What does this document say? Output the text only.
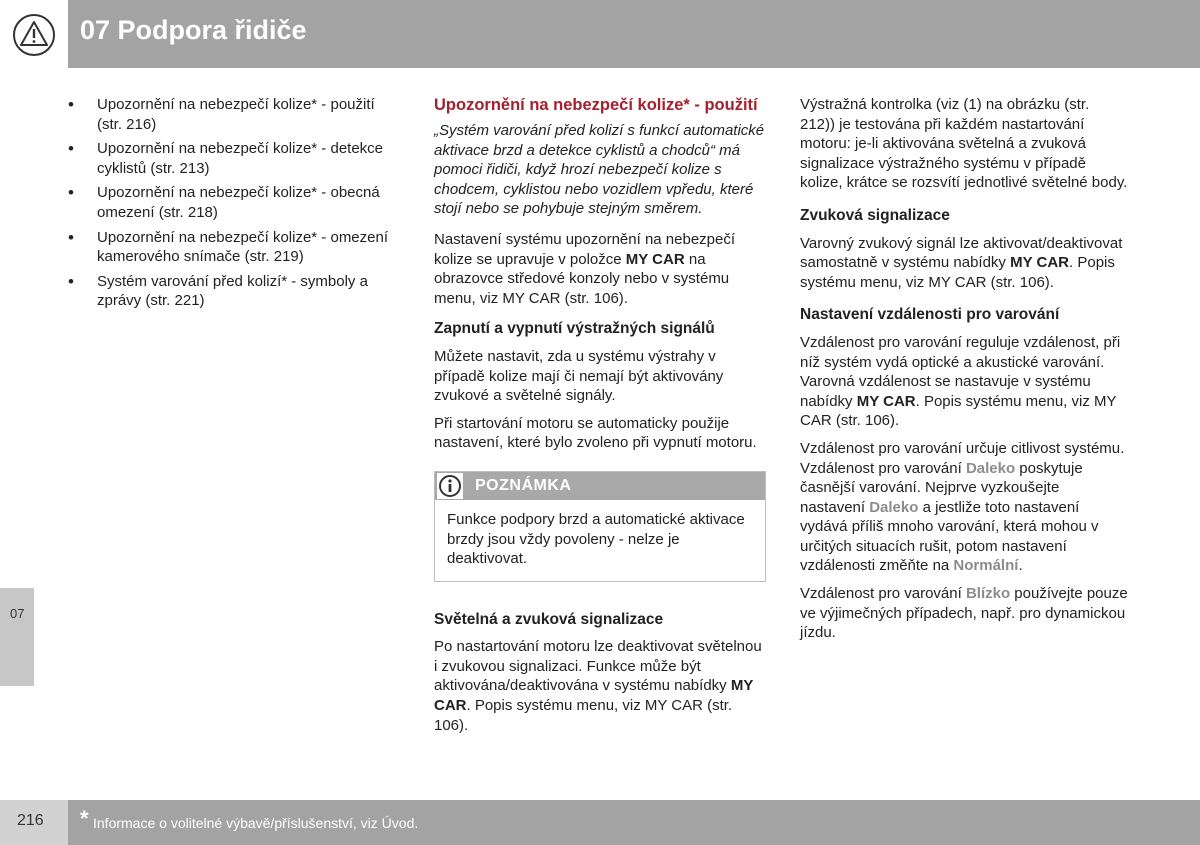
07 Podpora řidiče
07
• Upozornění na nebezpečí kolize* - použití (str. 216)
• Upozornění na nebezpečí kolize* - detekce cyklistů (str. 213)
• Upozornění na nebezpečí kolize* - obecná omezení (str. 218)
• Upozornění na nebezpečí kolize* - omezení kamerového snímače (str. 219)
• Systém varování před kolizí* - symboly a zprávy (str. 221)
Upozornění na nebezpečí kolize* - použití

„Systém varování před kolizí s funkcí automatické aktivace brzd a detekce cyklistů a chodců“ má pomoci řidiči, když hrozí nebezpečí kolize s chodcem, cyklistou nebo vozidlem vpředu, které stojí nebo se pohybuje stejným směrem.

Nastavení systému upozornění na nebezpečí kolize se upravuje v položce MY CAR na obrazovce středové konzoly nebo v systému menu, viz MY CAR (str. 106).

Zapnutí a vypnutí výstražných signálů

Můžete nastavit, zda u systému výstrahy v případě kolize mají či nemají být aktivovány zvukové a světelné signály.

Při startování motoru se automaticky použije nastavení, které bylo zvoleno při vypnutí motoru.

POZNÁMKA
Funkce podpory brzd a automatické aktivace brzdy jsou vždy povoleny - nelze je deaktivovat.

Světelná a zvuková signalizace

Po nastartování motoru lze deaktivovat světelnou i zvukovou signalizaci. Funkce může být aktivována/deaktivována v systému nabídky MY CAR. Popis systému menu, viz MY CAR (str. 106).

Výstražná kontrolka (viz (1) na obrázku (str. 212)) je testována při každém nastartování motoru: je-li aktivována světelná a zvuková signalizace výstražného systému v případě kolize, krátce se rozsvítí jednotlivé světelné body.

Zvuková signalizace

Varovný zvukový signál lze aktivovat/deaktivovat samostatně v systému nabídky MY CAR. Popis systému menu, viz MY CAR (str. 106).

Nastavení vzdálenosti pro varování

Vzdálenost pro varování reguluje vzdálenost, při níž systém vydá optické a akustické varování. Varovná vzdálenost se nastavuje v systému nabídky MY CAR. Popis systému menu, viz MY CAR (str. 106).

Vzdálenost pro varování určuje citlivost systému. Vzdálenost pro varování Daleko poskytuje časnější varování. Nejprve vyzkoušejte nastavení Daleko a jestliže toto nastavení vydává příliš mnoho varování, která mohou v určitých situacích rušit, potom nastavení vzdálenosti změňte na Normální.

Vzdálenost pro varování Blízko používejte pouze ve výjimečných případech, např. pro dynamickou jízdu.

216 * Informace o volitelné výbavě/příslušenství, viz Úvod.
